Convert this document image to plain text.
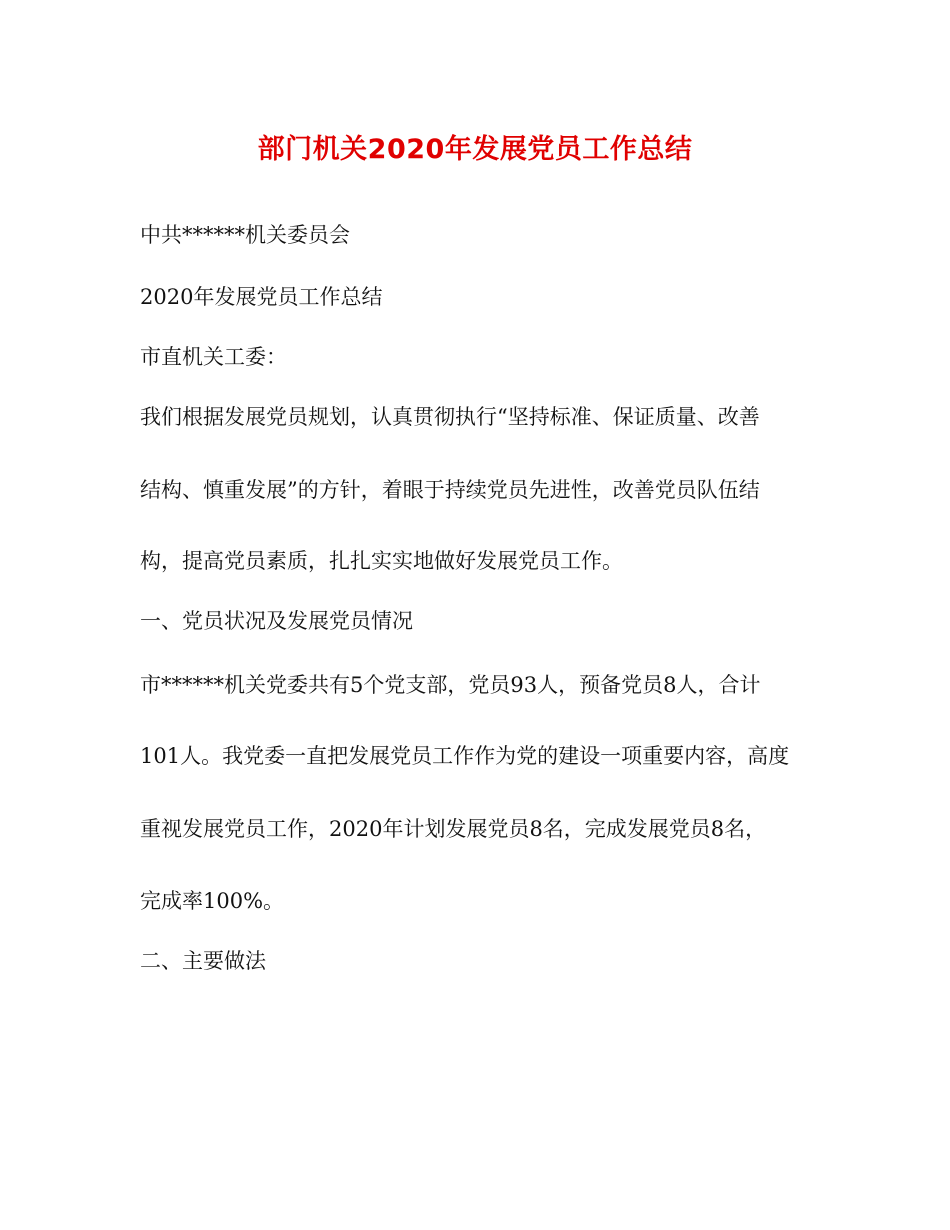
部门机关2020年发展党员工作总结
中共******机关委员会
2020年发展党员工作总结
市直机关工委：
我们根据发展党员规划，认真贯彻执行“坚持标准、保证质量、改善
结构、慎重发展”的方针，着眼于持续党员先进性，改善党员队伍结
构，提高党员素质，扎扎实实地做好发展党员工作。
一、党员状况及发展党员情况
市******机关党委共有5个党支部，党员93人，预备党员8人，合计
101人。我党委一直把发展党员工作作为党的建设一项重要内容，高度
重视发展党员工作，2020年计划发展党员8名，完成发展党员8名，
完成率100%。
二、主要做法
